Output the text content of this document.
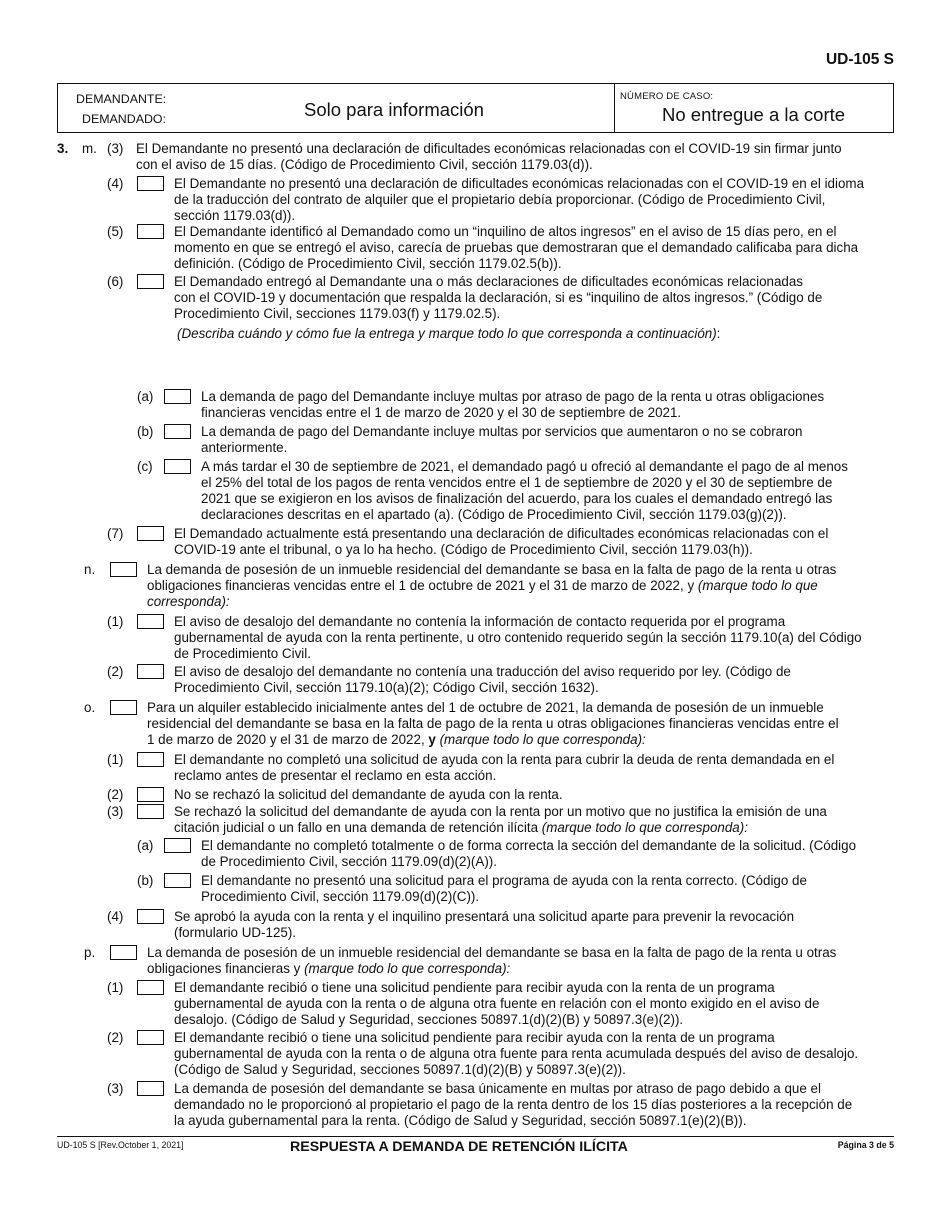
UD-105 S
DEMANDANTE:
DEMANDADO:	Solo para información
NÚMERO DE CASO:
No entregue a la corte
3. m. (3) El Demandante no presentó una declaración de dificultades económicas relacionadas con el COVID-19 sin firmar junto
con el aviso de 15 días. (Código de Procedimiento Civil, sección 1179.03(d)).
(4)	El Demandante no presentó una declaración de dificultades económicas relacionadas con el COVID-19 en el idioma
de la traducción del contrato de alquiler que el propietario debía proporcionar. (Código de Procedimiento Civil,
sección 1179.03(d)).
(5)	El Demandante identificó al Demandado como un “inquilino de altos ingresos” en el aviso de 15 días pero, en el
momento en que se entregó el aviso, carecía de pruebas que demostraran que el demandado calificaba para dicha
definición. (Código de Procedimiento Civil, sección 1179.02.5(b)).
(6)	El Demandado entregó al Demandante una o más declaraciones de dificultades económicas relacionadas
con el COVID-19 y documentación que respalda la declaración, si es “inquilino de altos ingresos.” (Código de
Procedimiento Civil, secciones 1179.03(f) y 1179.02.5).
(Describa cuándo y cómo fue la entrega y marque todo lo que corresponda a continuación):
(a)	La demanda de pago del Demandante incluye multas por atraso de pago de la renta u otras obligaciones
financieras vencidas entre el 1 de marzo de 2020 y el 30 de septiembre de 2021.
(b)	La demanda de pago del Demandante incluye multas por servicios que aumentaron o no se cobraron
anteriormente.
(c)	A más tardar el 30 de septiembre de 2021, el demandado pagó u ofreció al demandante el pago de al menos
el 25% del total de los pagos de renta vencidos entre el 1 de septiembre de 2020 y el 30 de septiembre de
2021 que se exigieron en los avisos de finalización del acuerdo, para los cuales el demandado entregó las
declaraciones descritas en el apartado (a). (Código de Procedimiento Civil, sección 1179.03(g)(2)).
(7)	El Demandado actualmente está presentando una declaración de dificultades económicas relacionadas con el
COVID-19 ante el tribunal, o ya lo ha hecho. (Código de Procedimiento Civil, sección 1179.03(h)).
n.	La demanda de posesión de un inmueble residencial del demandante se basa en la falta de pago de la renta u otras
obligaciones financieras vencidas entre el 1 de octubre de 2021 y el 31 de marzo de 2022, y (marque todo lo que
corresponda):
(1)	El aviso de desalojo del demandante no contenía la información de contacto requerida por el programa
gubernamental de ayuda con la renta pertinente, u otro contenido requerido según la sección 1179.10(a) del Código
de Procedimiento Civil.
(2)	El aviso de desalojo del demandante no contenía una traducción del aviso requerido por ley. (Código de
Procedimiento Civil, sección 1179.10(a)(2); Código Civil, sección 1632).
o.	Para un alquiler establecido inicialmente antes del 1 de octubre de 2021, la demanda de posesión de un inmueble
residencial del demandante se basa en la falta de pago de la renta u otras obligaciones financieras vencidas entre el
1 de marzo de 2020 y el 31 de marzo de 2022, y (marque todo lo que corresponda):
(1)	El demandante no completó una solicitud de ayuda con la renta para cubrir la deuda de renta demandada en el
reclamo antes de presentar el reclamo en esta acción.
(2)	No se rechazó la solicitud del demandante de ayuda con la renta.
(3)	Se rechazó la solicitud del demandante de ayuda con la renta por un motivo que no justifica la emisión de una
citación judicial o un fallo en una demanda de retención ilícita (marque todo lo que corresponda):
(a)	El demandante no completó totalmente o de forma correcta la sección del demandante de la solicitud. (Código
de Procedimiento Civil, sección 1179.09(d)(2)(A)).
(b)	El demandante no presentó una solicitud para el programa de ayuda con la renta correcto. (Código de
Procedimiento Civil, sección 1179.09(d)(2)(C)).
(4)	Se aprobó la ayuda con la renta y el inquilino presentará una solicitud aparte para prevenir la revocación
(formulario UD-125).
p.	La demanda de posesión de un inmueble residencial del demandante se basa en la falta de pago de la renta u otras
obligaciones financieras y (marque todo lo que corresponda):
(1)	El demandante recibió o tiene una solicitud pendiente para recibir ayuda con la renta de un programa
gubernamental de ayuda con la renta o de alguna otra fuente en relación con el monto exigido en el aviso de
desalojo. (Código de Salud y Seguridad, secciones 50897.1(d)(2)(B) y 50897.3(e)(2)).
(2)	El demandante recibió o tiene una solicitud pendiente para recibir ayuda con la renta de un programa
gubernamental de ayuda con la renta o de alguna otra fuente para renta acumulada después del aviso de desalojo.
(Código de Salud y Seguridad, secciones 50897.1(d)(2)(B) y 50897.3(e)(2)).
(3)	La demanda de posesión del demandante se basa únicamente en multas por atraso de pago debido a que el
demandado no le proporcionó al propietario el pago de la renta dentro de los 15 días posteriores a la recepción de
la ayuda gubernamental para la renta. (Código de Salud y Seguridad, sección 50897.1(e)(2)(B)).
UD-105 S [Rev.October 1, 2021]	RESPUESTA A DEMANDA DE RETENCIÓN ILÍCITA	Página 3 de 5
